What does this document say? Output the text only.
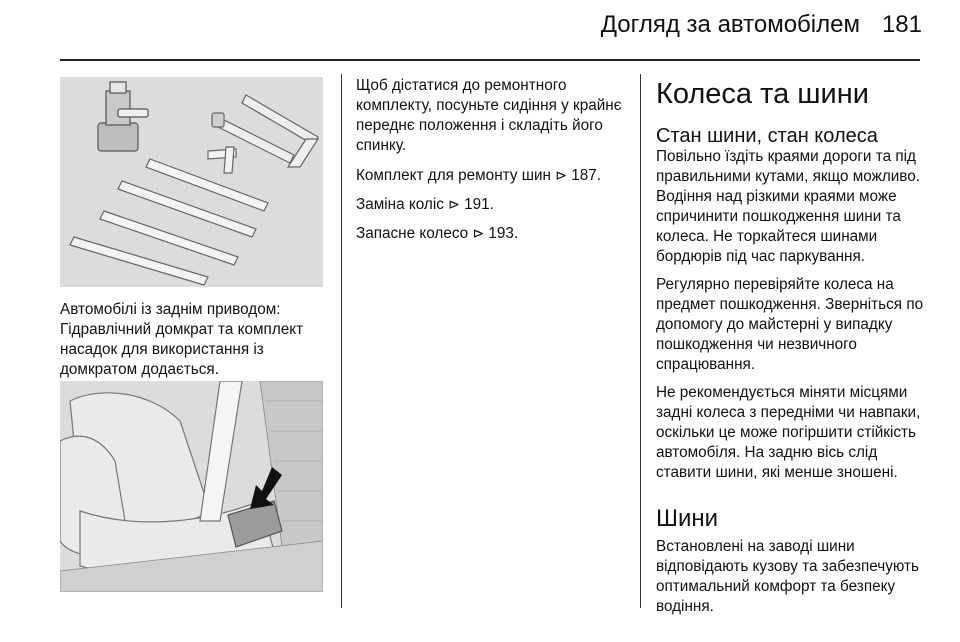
Догляд за автомобілем 181

Автомобілі із заднім приводом: Гідравлічний домкрат та комплект насадок для використання із домкратом додається.

Щоб дістатися до ремонтного комплекту, посуньте сидіння у крайнє переднє положення і складіть його спинку.

Комплект для ремонту шин ⊳ 187.

Заміна коліс ⊳ 191.

Запасне колесо ⊳ 193.

Колеса та шини
Стан шини, стан колеса

Повільно їздіть краями дороги та під правильними кутами, якщо можливо. Водіння над різкими краями може спричинити пошкодження шини та колеса. Не торкайтеся шинами бордюрів під час паркування.

Регулярно перевіряйте колеса на предмет пошкодження. Зверніться по допомогу до майстерні у випадку пошкодження чи незвичного спрацювання.

Не рекомендується міняти місцями задні колеса з передніми чи навпаки, оскільки це може погіршити стійкість автомобіля. На задню вісь слід ставити шини, які менше зношені.

Шини

Встановлені на заводі шини відповідають кузову та забезпечують оптимальний комфорт та безпеку водіння.
